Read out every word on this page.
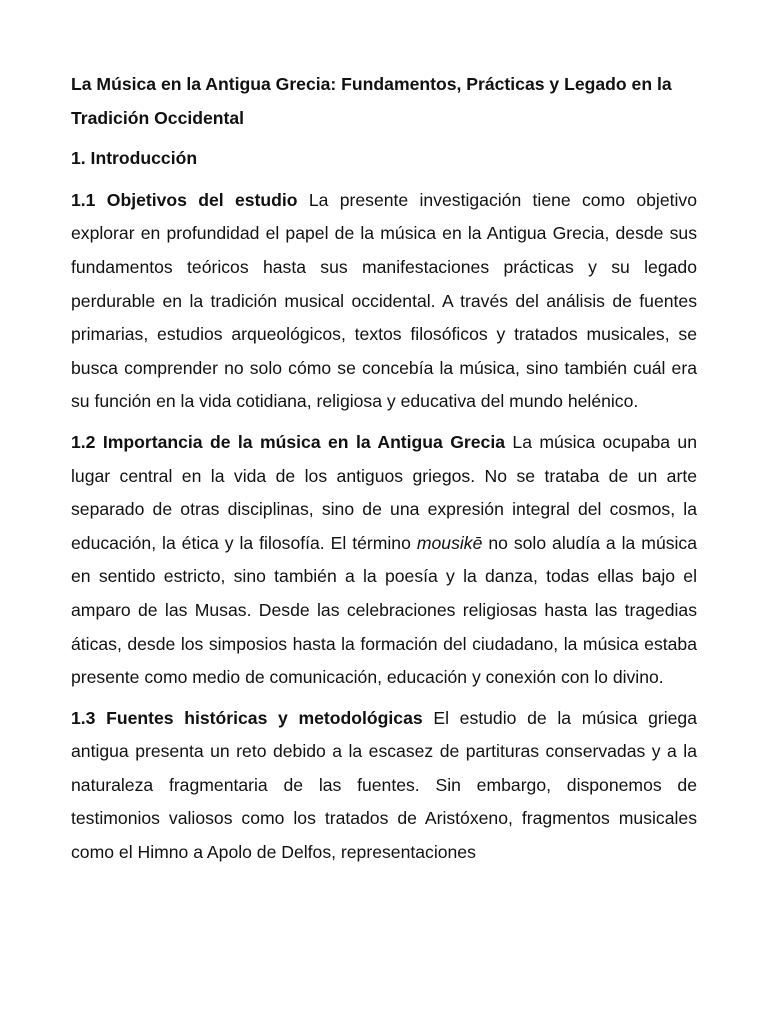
La Música en la Antigua Grecia: Fundamentos, Prácticas y Legado en la Tradición Occidental
1. Introducción
1.1 Objetivos del estudio La presente investigación tiene como objetivo explorar en profundidad el papel de la música en la Antigua Grecia, desde sus fundamentos teóricos hasta sus manifestaciones prácticas y su legado perdurable en la tradición musical occidental. A través del análisis de fuentes primarias, estudios arqueológicos, textos filosóficos y tratados musicales, se busca comprender no solo cómo se concebía la música, sino también cuál era su función en la vida cotidiana, religiosa y educativa del mundo helénico.
1.2 Importancia de la música en la Antigua Grecia La música ocupaba un lugar central en la vida de los antiguos griegos. No se trataba de un arte separado de otras disciplinas, sino de una expresión integral del cosmos, la educación, la ética y la filosofía. El término mousikē no solo aludía a la música en sentido estricto, sino también a la poesía y la danza, todas ellas bajo el amparo de las Musas. Desde las celebraciones religiosas hasta las tragedias áticas, desde los simposios hasta la formación del ciudadano, la música estaba presente como medio de comunicación, educación y conexión con lo divino.
1.3 Fuentes históricas y metodológicas El estudio de la música griega antigua presenta un reto debido a la escasez de partituras conservadas y a la naturaleza fragmentaria de las fuentes. Sin embargo, disponemos de testimonios valiosos como los tratados de Aristóxeno, fragmentos musicales como el Himno a Apolo de Delfos, representaciones
